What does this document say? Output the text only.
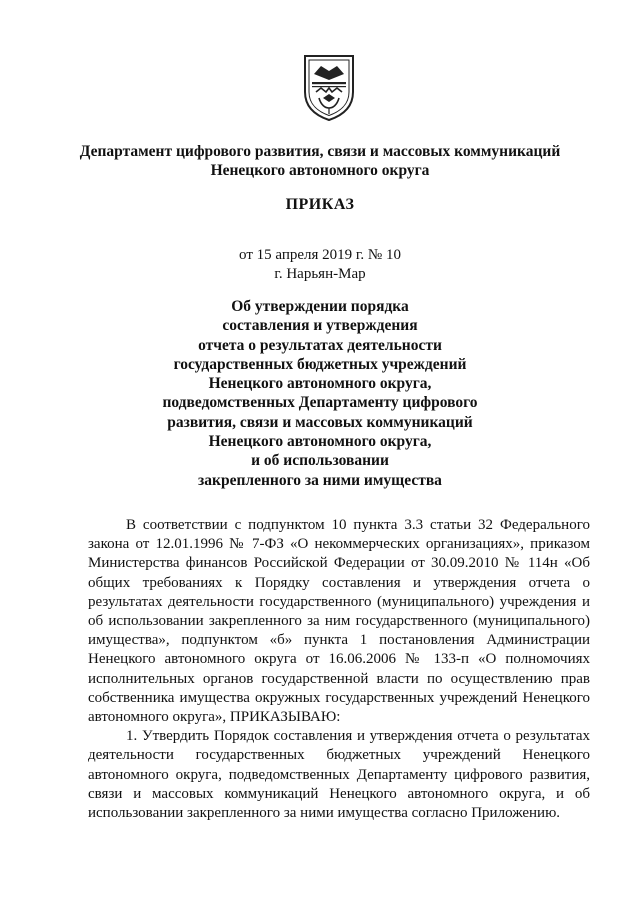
Департамент цифрового развития, связи и массовых коммуникаций
Ненецкого автономного округа
ПРИКАЗ
от 15 апреля 2019 г. № 10
г. Нарьян-Мар
Об утверждении порядка
составления и утверждения
отчета о результатах деятельности
государственных бюджетных учреждений
Ненецкого автономного округа,
подведомственных Департаменту цифрового
развития, связи и массовых коммуникаций
Ненецкого автономного округа,
и об использовании
закрепленного за ними имущества

В соответствии с подпунктом 10 пункта 3.3 статьи 32 Федерального закона от 12.01.1996 № 7-ФЗ «О некоммерческих организациях», приказом Министерства финансов Российской Федерации от 30.09.2010 № 114н «Об общих требованиях к Порядку составления и утверждения отчета о результатах деятельности государственного (муниципального) учреждения и об использовании закрепленного за ним государственного (муниципального) имущества», подпунктом «б» пункта 1 постановления Администрации Ненецкого автономного округа от 16.06.2006 № 133-п «О полномочиях исполнительных органов государственной власти по осуществлению прав собственника имущества окружных государственных учреждений Ненецкого автономного округа», ПРИКАЗЫВАЮ:

1. Утвердить Порядок составления и утверждения отчета о результатах деятельности государственных бюджетных учреждений Ненецкого автономного округа, подведомственных Департаменту цифрового развития, связи и массовых коммуникаций Ненецкого автономного округа, и об использовании закрепленного за ними имущества согласно Приложению.
